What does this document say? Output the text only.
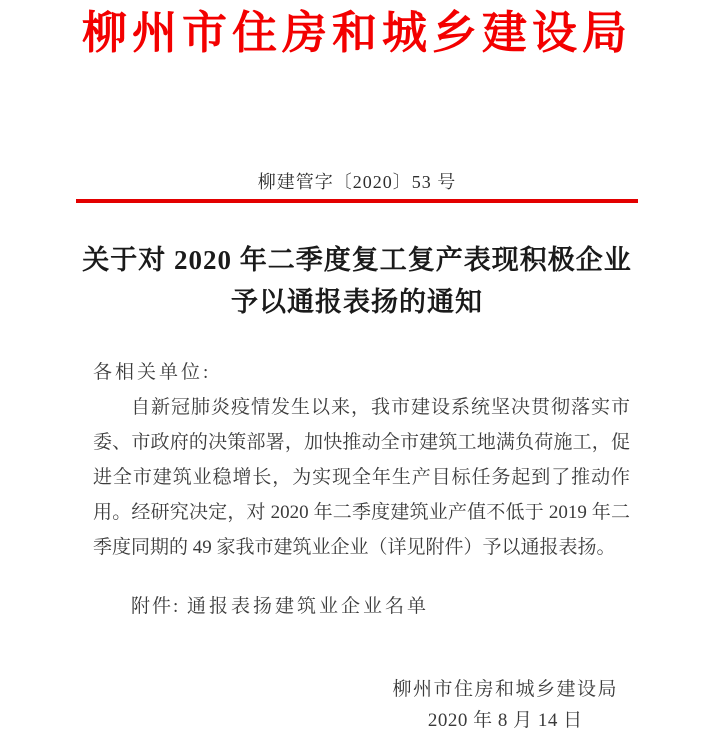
柳州市住房和城乡建设局
柳建管字〔2020〕53 号
关于对 2020 年二季度复工复产表现积极企业
予以通报表扬的通知

各相关单位:

自新冠肺炎疫情发生以来，我市建设系统坚决贯彻落实市委、市政府的决策部署，加快推动全市建筑工地满负荷施工，促进全市建筑业稳增长，为实现全年生产目标任务起到了推动作用。经研究决定，对 2020 年二季度建筑业产值不低于 2019 年二季度同期的 49 家我市建筑业企业（详见附件）予以通报表扬。

附件: 通报表扬建筑业企业名单

柳州市住房和城乡建设局
2020 年 8 月 14 日
